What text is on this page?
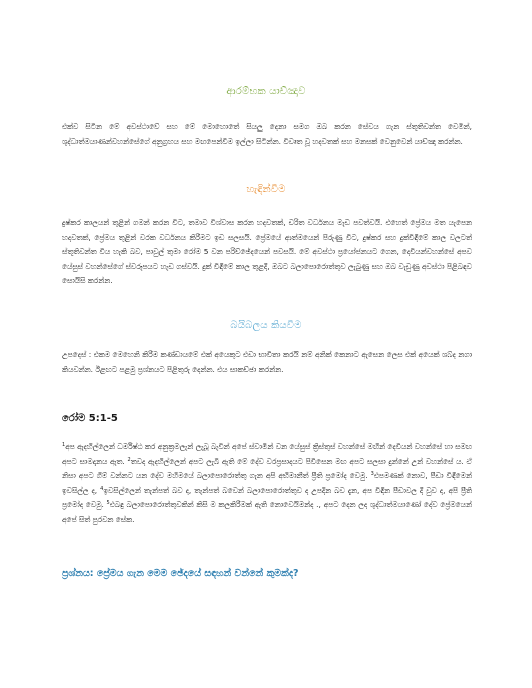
ආරම්භක යාච්ඤාව
එක්ව සිටින මේ අවස්ථාවේ සහ මේ මොහොතේ සියලු දෙනා සමග ඔබ කරන සේවය ගැන ස්තූතිවන්ත වෙමින්, ශුද්ධාත්මයාණන්වහන්සේගේ අනුග්‍රහය සහ මඟපෙන්වීම ඉල්ලා සිටින්න. විවෘත වූ හදවතක් සහ මනසක් වෙනුවෙන් යාච්ඤා කරන්න.
හැඳින්වීම
දුෂ්කර කාලයන් තුළින් ගමන් කරන විට, තමාව විශ්වාස කරන හදවතක්, චරිත වර්ධනය මැඩ පවත්වයි. එහෙත් ප්‍රේමය මත යැපෙන හදවතක්, ප්‍රේමය තුළින් වරක වර්ධනය කිරීමට ඉඩ සලසයි. ප්‍රේමයේ ආත්මයෙන් පිරුණු විට, දුෂ්කර සහ දුක්විඳීමේ කාල වලටත් ස්තූතිවන්ත විය හැකි බව, පාවුල් තුමා රෝම 5 වන පරිච්ඡේදයෙන් පවසයි. මේ අවස්ථා ප්‍රයෝජනයට ගෙන, දෙවියන්වහන්සේ අපව යේසුස් වහන්සේගේ ස්වරූපයට හැඩ ගස්වයි. දුක් විඳීමේ කාල තුළදී, ඔබට බලාපොරොත්තුව ලැබුණු සහ ඔබ වැඩුණු අවස්ථා පිළිබඳව සොයිසි කරන්න.
බයිබලය කියවීම
උපදෙස් : එකම මෙහෙනි කිරීම කණ්ඩායමේ එක් අයෙකුට එඩා භාවිතා කරයි නම් අනික් කෙනාට ඇසෙන ලෙස එක් අයෙක් ශබ්ද නගා කියවන්න. ඊළඟට පළමු ප්‍රශ්නයට පිළිතුරු දෙන්න. එය සාකච්ඡා කරන්න.
රෝම 5:1-5
$^1$අප ඇදහිල්ලෙන් ධර්මිෂ්ඨ කර අනුක්‍රමලැන් ලැබූ බැවින් අපේ ස්වාමීන් වන යේසුස් ක්‍රිස්තුස් වහන්සේ මඟින් දෙවියන් වහන්සේ හා සමඟ අපට සාමදානය ඇත. $^2$තවද ඇදහිල්ලෙන් අපට ලැබී ඇති මේ දේව වරප්‍රසාදයට පිවිසෙන මඟ අපට සලසා දුන්නේ උන් වහන්සේ ය. ඒ නිසා අපට ගිම් වන්නට යන දේව මහිමයේ බලාපොරොත්තු ගැන අපි අභිමානීත් ප්‍රීති ප්‍රමෝද වෙමු. $^3$එපමණක් නොව, පීඩා විඳීමෙන් ඉවසිල්ල ද, $^4$ඉවසිල්ලෙන් තැන්පත් බව ද, තැන්පත් බවෙන් බලාපොරොත්තුව ද උපදින බව දැන, අප විඳින පීඩාවල දී වුව ද, අපි ප්‍රීති ප්‍රමෝද වෙමු. $^5$එබඳු බලාපොරොත්තුවකින් කිසි ම කලකිරීමක් ඇති නොවෙයිමන්ද ., අපට දෙන ලද ශුද්ධාත්මයාණෝ දේව ප්‍රේමයෙන් අපේ සිත් පුරවන සේක.
ප්‍රශ්නය: ප්‍රේමය ගැන මෙම ඡේදයේ සඳහන් වන්නේ කුමක්ද?
